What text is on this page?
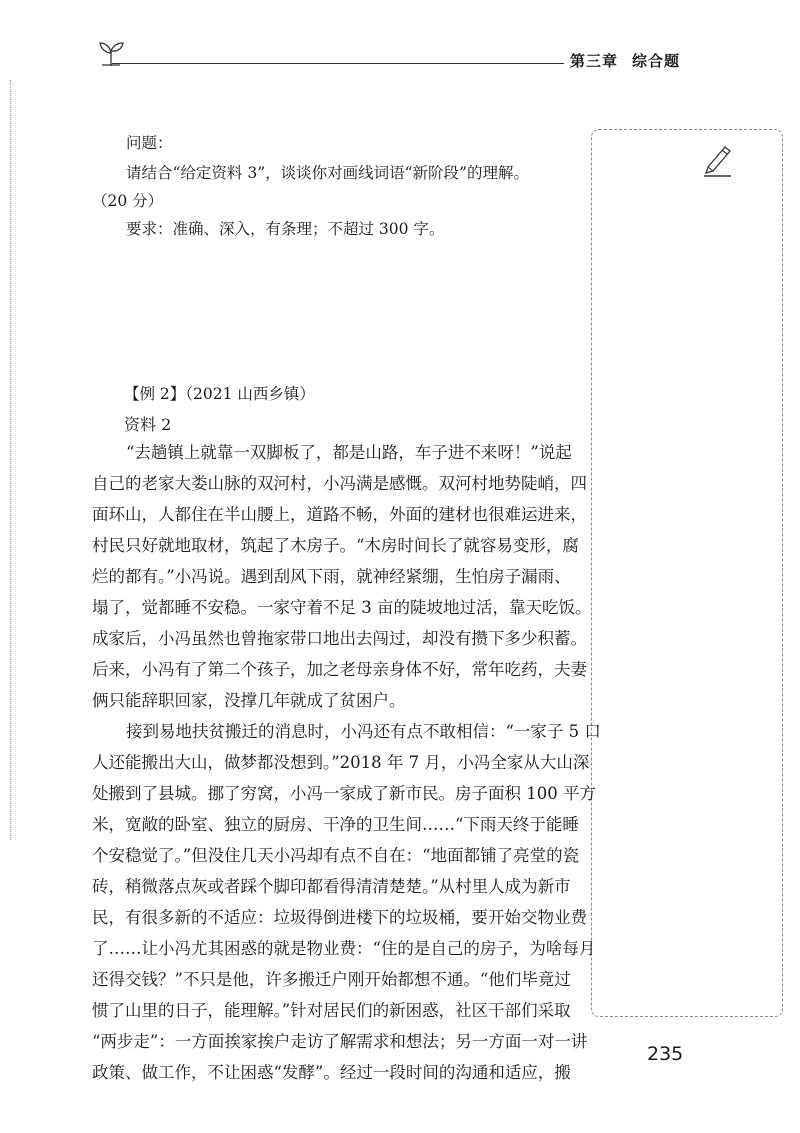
第三章 综合题
问题：
请结合“给定资料 3”，谈谈你对画线词语“新阶段”的理解。
（20 分）
要求：准确、深入，有条理；不超过 300 字。
【例 2】（2021 山西乡镇）
资料 2
“去趟镇上就靠一双脚板了，都是山路，车子进不来呀！”说起
自己的老家大娄山脉的双河村，小冯满是感慨。双河村地势陡峭，四
面环山，人都住在半山腰上，道路不畅，外面的建材也很难运进来，
村民只好就地取材，筑起了木房子。“木房时间长了就容易变形，腐
烂的都有。”小冯说。遇到刮风下雨，就神经紧绷，生怕房子漏雨、
塌了，觉都睡不安稳。一家守着不足 3 亩的陡坡地过活，靠天吃饭。
成家后，小冯虽然也曾拖家带口地出去闯过，却没有攒下多少积蓄。
后来，小冯有了第二个孩子，加之老母亲身体不好，常年吃药，夫妻
俩只能辞职回家，没撑几年就成了贫困户。
接到易地扶贫搬迁的消息时，小冯还有点不敢相信：“一家子 5 口
人还能搬出大山，做梦都没想到。”2018 年 7 月，小冯全家从大山深
处搬到了县城。挪了穷窝，小冯一家成了新市民。房子面积 100 平方
米，宽敞的卧室、独立的厨房、干净的卫生间……“下雨天终于能睡
个安稳觉了。”但没住几天小冯却有点不自在：“地面都铺了亮堂的瓷
砖，稍微落点灰或者踩个脚印都看得清清楚楚。”从村里人成为新市
民，有很多新的不适应：垃圾得倒进楼下的垃圾桶，要开始交物业费
了……让小冯尤其困惑的就是物业费：“住的是自己的房子，为啥每月
还得交钱？”不只是他，许多搬迁户刚开始都想不通。“他们毕竟过
惯了山里的日子，能理解。”针对居民们的新困惑，社区干部们采取
“两步走”：一方面挨家挨户走访了解需求和想法；另一方面一对一讲
政策、做工作，不让困惑“发酵”。经过一段时间的沟通和适应，搬
235
